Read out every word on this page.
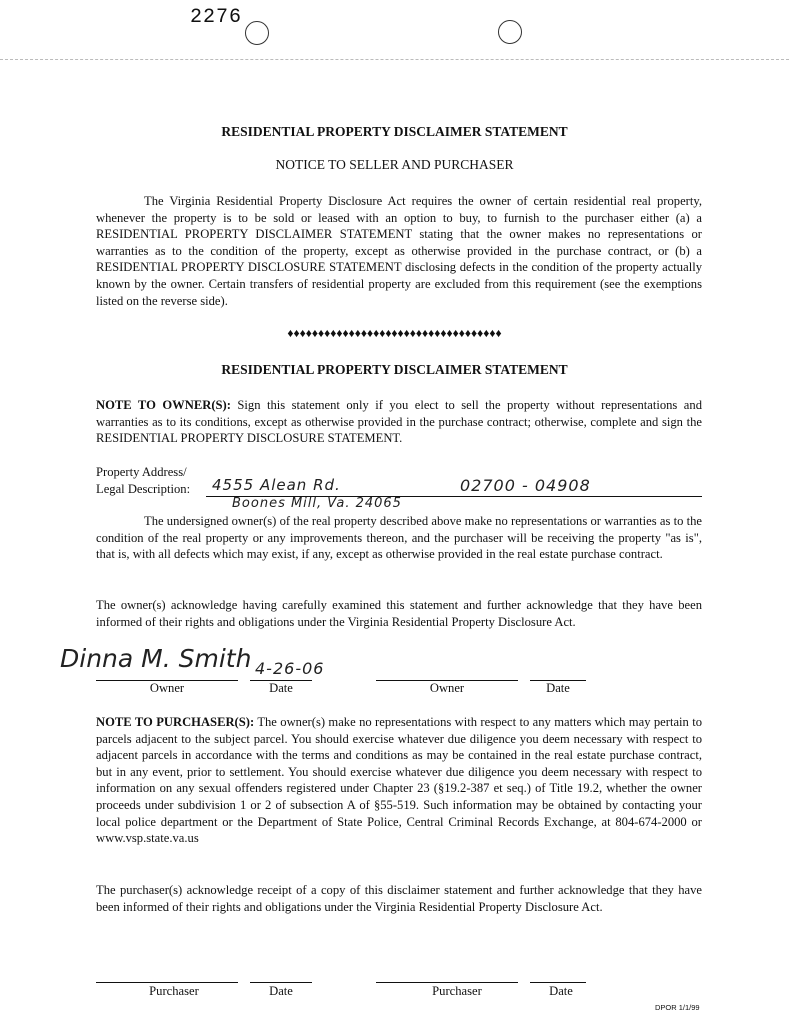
2276
RESIDENTIAL PROPERTY DISCLAIMER STATEMENT
NOTICE TO SELLER AND PURCHASER
The Virginia Residential Property Disclosure Act requires the owner of certain residential real property, whenever the property is to be sold or leased with an option to buy, to furnish to the purchaser either (a) a RESIDENTIAL PROPERTY DISCLAIMER STATEMENT stating that the owner makes no representations or warranties as to the condition of the property, except as otherwise provided in the purchase contract, or (b) a RESIDENTIAL PROPERTY DISCLOSURE STATEMENT disclosing defects in the condition of the property actually known by the owner. Certain transfers of residential property are excluded from this requirement (see the exemptions listed on the reverse side).
♦♦♦♦♦♦♦♦♦♦♦♦♦♦♦♦♦♦♦♦♦♦♦♦♦♦♦♦♦♦♦♦♦♦♦
RESIDENTIAL PROPERTY DISCLAIMER STATEMENT
NOTE TO OWNER(S): Sign this statement only if you elect to sell the property without representations and warranties as to its conditions, except as otherwise provided in the purchase contract; otherwise, complete and sign the RESIDENTIAL PROPERTY DISCLOSURE STATEMENT.
Property Address/
Legal Description: 4555 Alean Rd.	02700 - 04908
Boones Mill, Va. 24065
The undersigned owner(s) of the real property described above make no representations or warranties as to the condition of the real property or any improvements thereon, and the purchaser will be receiving the property "as is", that is, with all defects which may exist, if any, except as otherwise provided in the real estate purchase contract.
The owner(s) acknowledge having carefully examined this statement and further acknowledge that they have been informed of their rights and obligations under the Virginia Residential Property Disclosure Act.
Dinna M. Smith 4-26-06
Owner	Date	Owner	Date
NOTE TO PURCHASER(S): The owner(s) make no representations with respect to any matters which may pertain to parcels adjacent to the subject parcel. You should exercise whatever due diligence you deem necessary with respect to adjacent parcels in accordance with the terms and conditions as may be contained in the real estate purchase contract, but in any event, prior to settlement. You should exercise whatever due diligence you deem necessary with respect to information on any sexual offenders registered under Chapter 23 (§19.2-387 et seq.) of Title 19.2, whether the owner proceeds under subdivision 1 or 2 of subsection A of §55-519. Such information may be obtained by contacting your local police department or the Department of State Police, Central Criminal Records Exchange, at 804-674-2000 or www.vsp.state.va.us
The purchaser(s) acknowledge receipt of a copy of this disclaimer statement and further acknowledge that they have been informed of their rights and obligations under the Virginia Residential Property Disclosure Act.
Purchaser	Date	Purchaser	Date
DPOR 1/1/99
